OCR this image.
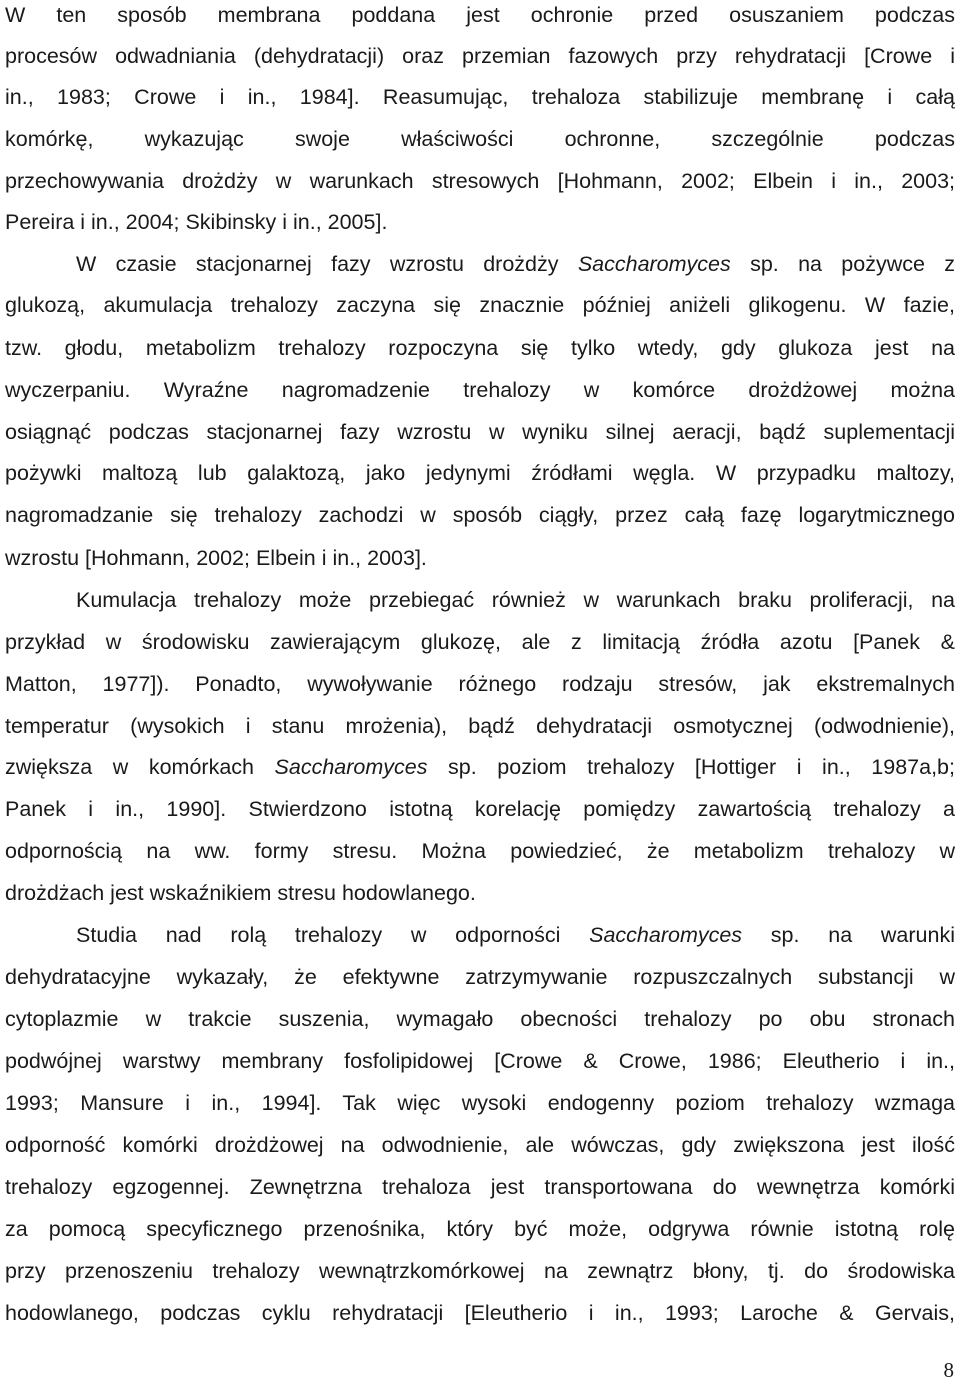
W ten sposób membrana poddana jest ochronie przed osuszaniem podczas
procesów odwadniania (dehydratacji) oraz przemian fazowych przy rehydratacji [Crowe i
in., 1983; Crowe i in., 1984]. Reasumując, trehaloza stabilizuje membranę i całą
komórkę, wykazując swoje właściwości ochronne, szczególnie podczas
przechowywania drożdży w warunkach stresowych [Hohmann, 2002; Elbein i in., 2003;
Pereira i in., 2004; Skibinsky i in., 2005].
W czasie stacjonarnej fazy wzrostu drożdży Saccharomyces sp. na pożywce z
glukozą, akumulacja trehalozy zaczyna się znacznie później aniżeli glikogenu. W fazie,
tzw. głodu, metabolizm trehalozy rozpoczyna się tylko wtedy, gdy glukoza jest na
wyczerpaniu. Wyraźne nagromadzenie trehalozy w komórce drożdżowej można
osiągnąć podczas stacjonarnej fazy wzrostu w wyniku silnej aeracji, bądź suplementacji
pożywki maltozą lub galaktozą, jako jedynymi źródłami węgla. W przypadku maltozy,
nagromadzanie się trehalozy zachodzi w sposób ciągły, przez całą fazę logarytmicznego
wzrostu [Hohmann, 2002; Elbein i in., 2003].
Kumulacja trehalozy może przebiegać również w warunkach braku proliferacji, na
przykład w środowisku zawierającym glukozę, ale z limitacją źródła azotu [Panek &
Matton, 1977]). Ponadto, wywoływanie różnego rodzaju stresów, jak ekstremalnych
temperatur (wysokich i stanu mrożenia), bądź dehydratacji osmotycznej (odwodnienie),
zwiększa w komórkach Saccharomyces sp. poziom trehalozy [Hottiger i in., 1987a,b;
Panek i in., 1990]. Stwierdzono istotną korelację pomiędzy zawartością trehalozy a
odpornością na ww. formy stresu. Można powiedzieć, że metabolizm trehalozy w
drożdżach jest wskaźnikiem stresu hodowlanego.
Studia nad rolą trehalozy w odporności Saccharomyces sp. na warunki
dehydratacyjne wykazały, że efektywne zatrzymywanie rozpuszczalnych substancji w
cytoplazmie w trakcie suszenia, wymagało obecności trehalozy po obu stronach
podwójnej warstwy membrany fosfolipidowej [Crowe & Crowe, 1986; Eleutherio i in.,
1993; Mansure i in., 1994]. Tak więc wysoki endogenny poziom trehalozy wzmaga
odporność komórki drożdżowej na odwodnienie, ale wówczas, gdy zwiększona jest ilość
trehalozy egzogennej. Zewnętrzna trehaloza jest transportowana do wewnętrza komórki
za pomocą specyficznego przenośnika, który być może, odgrywa równie istotną rolę
przy przenoszeniu trehalozy wewnątrzkomórkowej na zewnątrz błony, tj. do środowiska
hodowlanego, podczas cyklu rehydratacji [Eleutherio i in., 1993; Laroche & Gervais,
8
